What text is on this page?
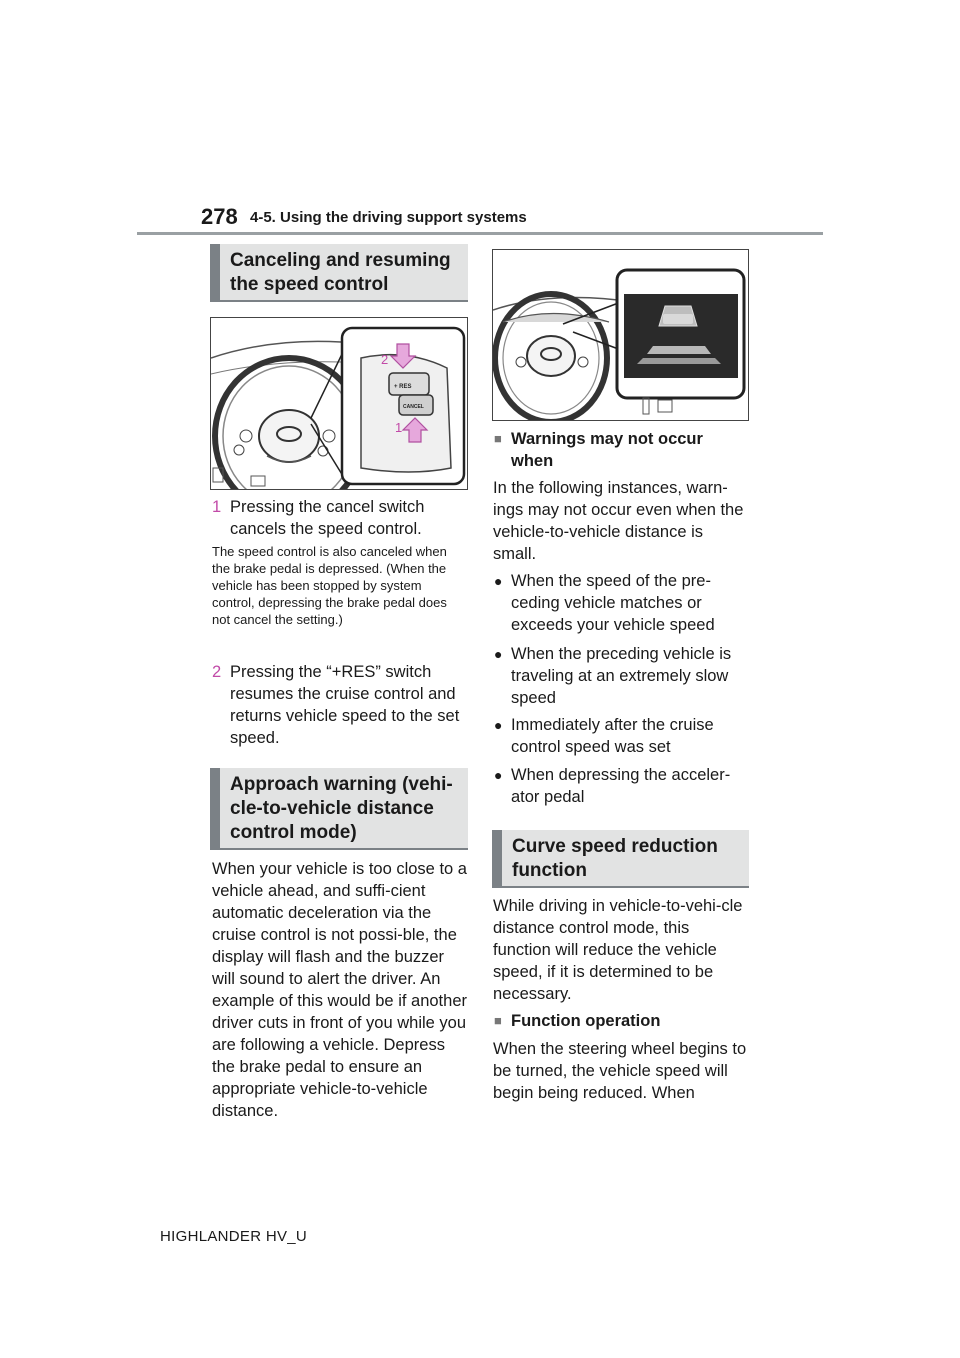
278 4-5. Using the driving support systems
Canceling and resuming the speed control
+ RES
CANCEL
2
1
1 Pressing the cancel switch cancels the speed control.
The speed control is also canceled when the brake pedal is depressed. (When the vehicle has been stopped by system control, depressing the brake pedal does not cancel the setting.)
2 Pressing the “+RES” switch resumes the cruise control and returns vehicle speed to the set speed.
Approach warning (vehi-cle-to-vehicle distance control mode)
When your vehicle is too close to a vehicle ahead, and suffi-cient automatic deceleration via the cruise control is not possi-ble, the display will flash and the buzzer will sound to alert the driver. An example of this would be if another driver cuts in front of you while you are following a vehicle. Depress the brake pedal to ensure an appropriate vehicle-to-vehicle distance.
■ Warnings may not occur when
In the following instances, warn-ings may not occur even when the vehicle-to-vehicle distance is small.
● When the speed of the pre-ceding vehicle matches or exceeds your vehicle speed
● When the preceding vehicle is traveling at an extremely slow speed
● Immediately after the cruise control speed was set
● When depressing the acceler-ator pedal
Curve speed reduction function
While driving in vehicle-to-vehi-cle distance control mode, this function will reduce the vehicle speed, if it is determined to be necessary.
■ Function operation
When the steering wheel begins to be turned, the vehicle speed will begin being reduced. When
HIGHLANDER HV_U
